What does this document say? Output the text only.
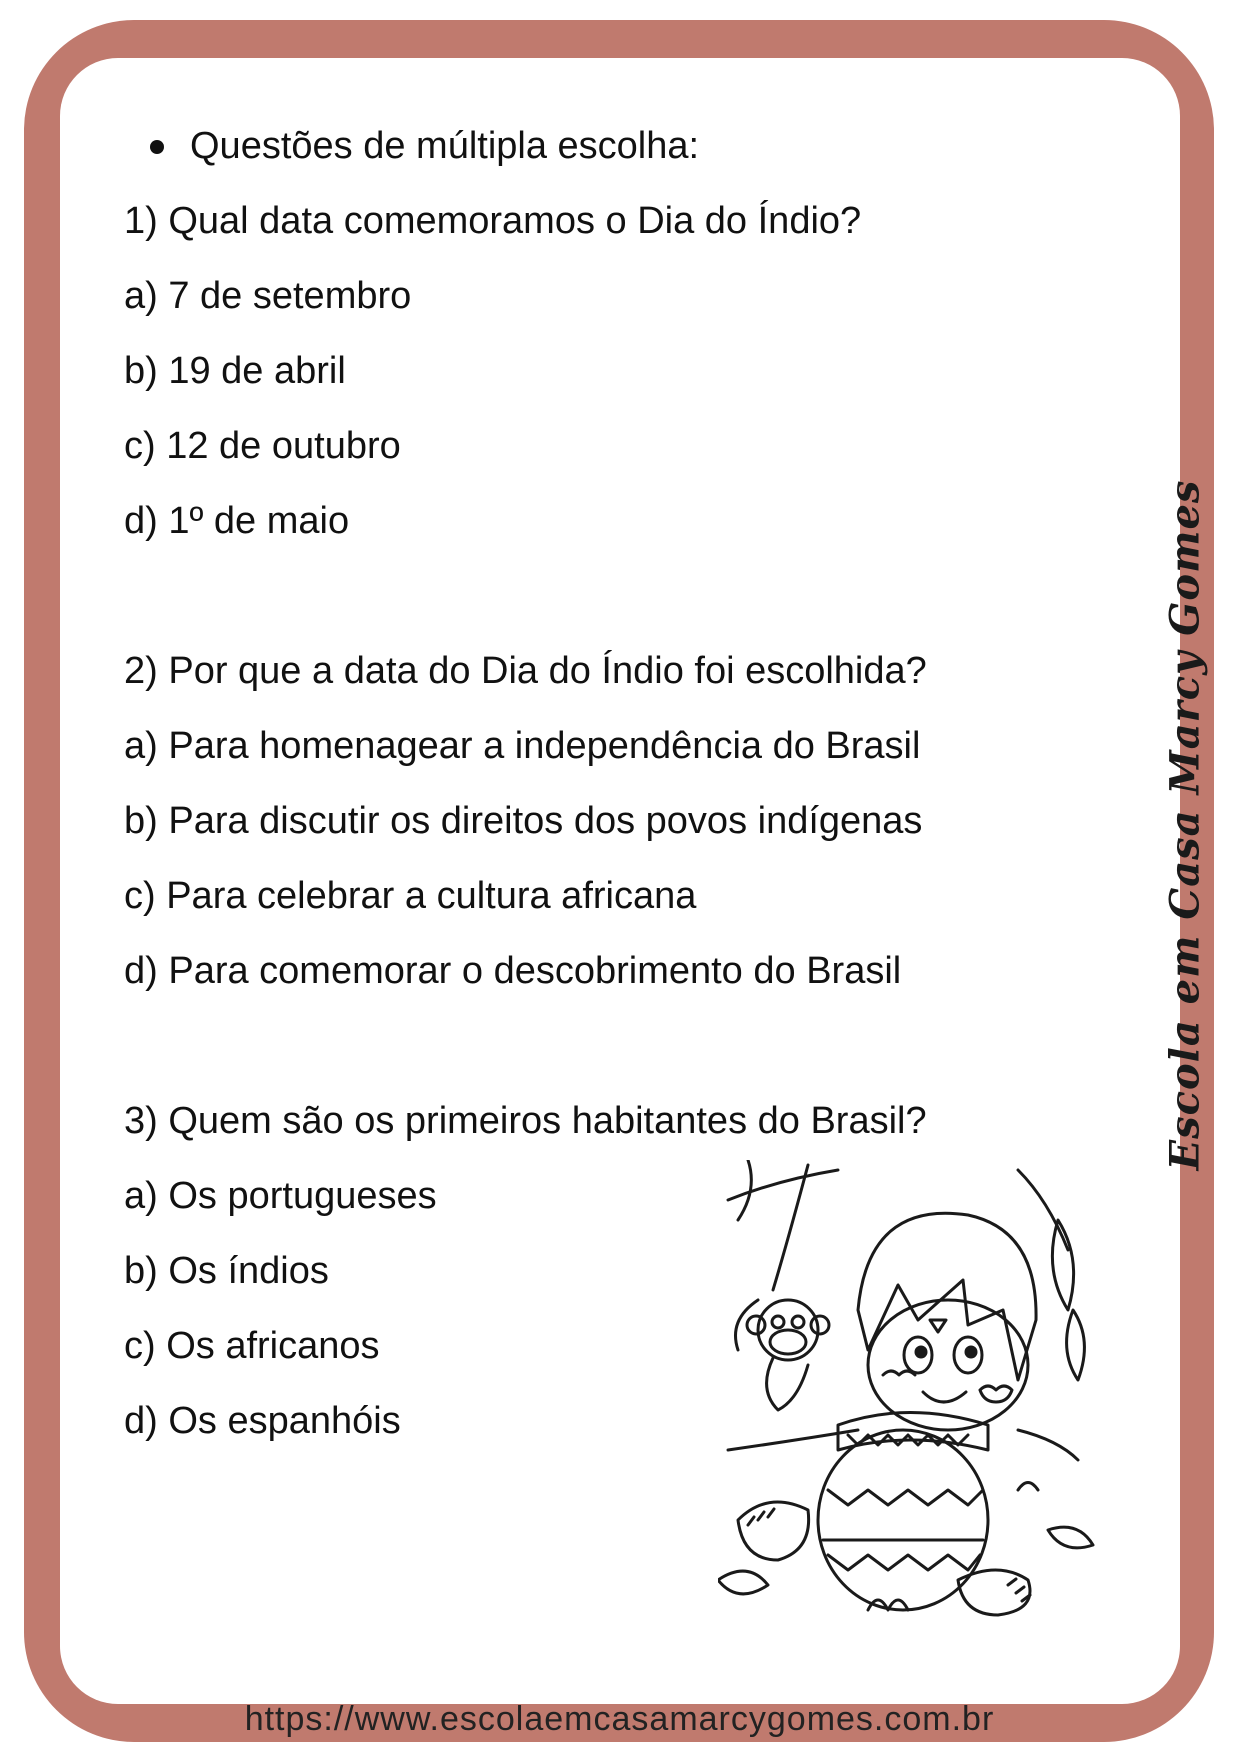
Questões de múltipla escolha:
1) Qual data comemoramos o Dia do Índio?
a) 7 de setembro
b) 19 de abril
c) 12 de outubro
d) 1º de maio
2) Por que a data do Dia do Índio foi escolhida?
a) Para homenagear a independência do Brasil
b) Para discutir os direitos dos povos indígenas
c) Para celebrar a cultura africana
d) Para comemorar o descobrimento do Brasil
3) Quem são os primeiros habitantes do Brasil?
a) Os portugueses
b) Os índios
c) Os africanos
d) Os espanhóis
Escola em Casa Marcy Gomes
https://www.escolaemcasamarcygomes.com.br
